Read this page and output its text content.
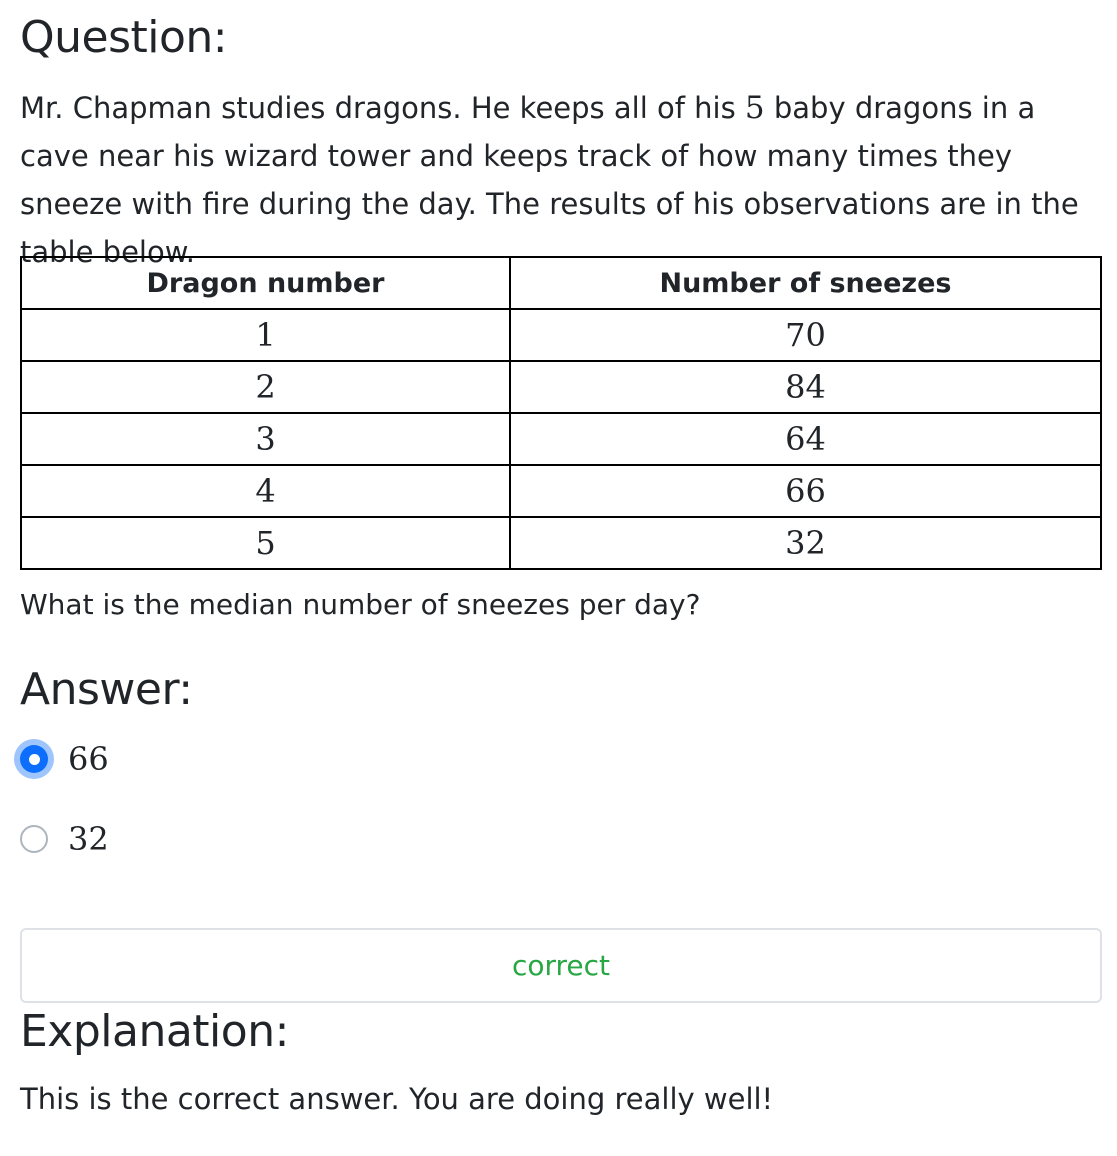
Question:

Mr. Chapman studies dragons. He keeps all of his 5 baby dragons in a cave near his wizard tower and keeps track of how many times they sneeze with fire during the day. The results of his observations are in the table below.

Dragon number	Number of sneezes
1	70
2	84
3	64
4	66
5	32

What is the median number of sneezes per day?

Answer:
66
32
correct
Explanation:

This is the correct answer. You are doing really well!
